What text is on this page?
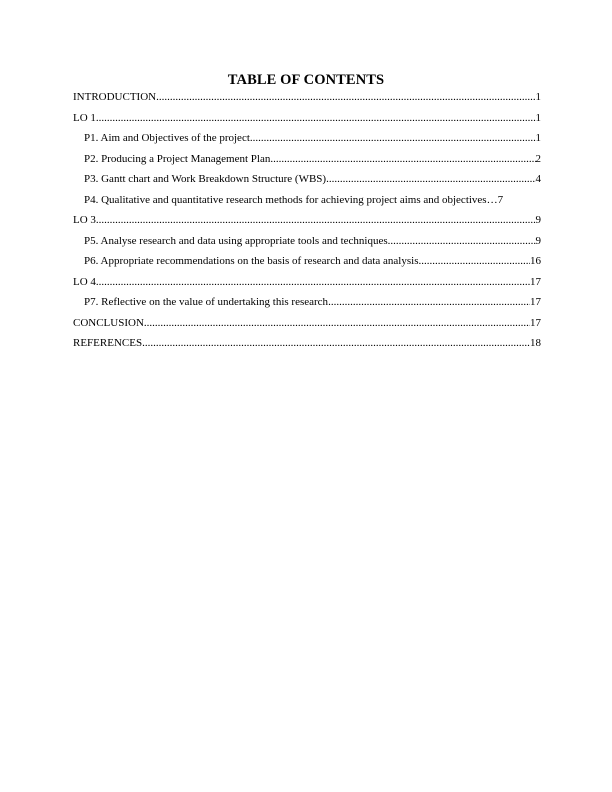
TABLE OF CONTENTS
INTRODUCTION .....	1
LO 1 .....	1
P1. Aim and Objectives of the project .....	1
P2. Producing a Project Management Plan .....	2
P3. Gantt chart and Work Breakdown Structure (WBS) .....	4
P4. Qualitative and quantitative research methods for achieving project aims and objectives… 7
LO 3 .....	9
P5. Analyse research and data using appropriate tools and techniques .....	9
P6. Appropriate recommendations on the basis of research and data analysis .....	16
LO 4 .....	17
P7. Reflective on the value of undertaking this research .....	17
CONCLUSION .....	17
REFERENCES .....	18
